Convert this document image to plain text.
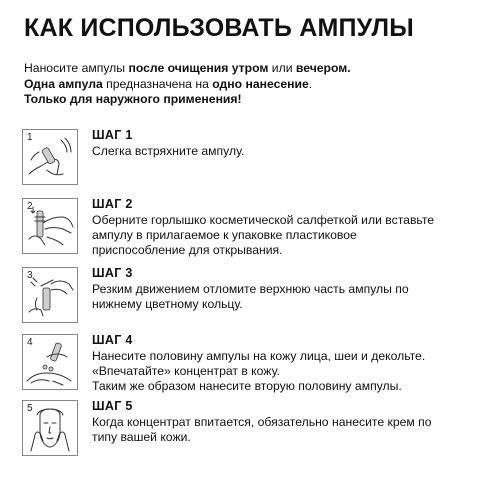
КАК ИСПОЛЬЗОВАТЬ АМПУЛЫ

Наносите ампулы после очищения утром или вечером.

Одна ампула предназначена на одно нанесение.

Только для наружного применения!

1	ШАГ 1
Слегка встряхните ампулу.
2	ШАГ 2
Оберните горлышко косметической салфеткой или вставьте
ампулу в прилагаемое к упаковке пластиковое
приспособление для открывания.
3	ШАГ 3
Резким движением отломите верхнюю часть ампулы по
нижнему цветному кольцу.
4	ШАГ 4
Нанесите половину ампулы на кожу лица, шеи и декольте.
«Впечатайте» концентрат в кожу.
Таким же образом нанесите вторую половину ампулы.
5	ШАГ 5
Когда концентрат впитается, обязательно нанесите крем по
типу вашей кожи.
